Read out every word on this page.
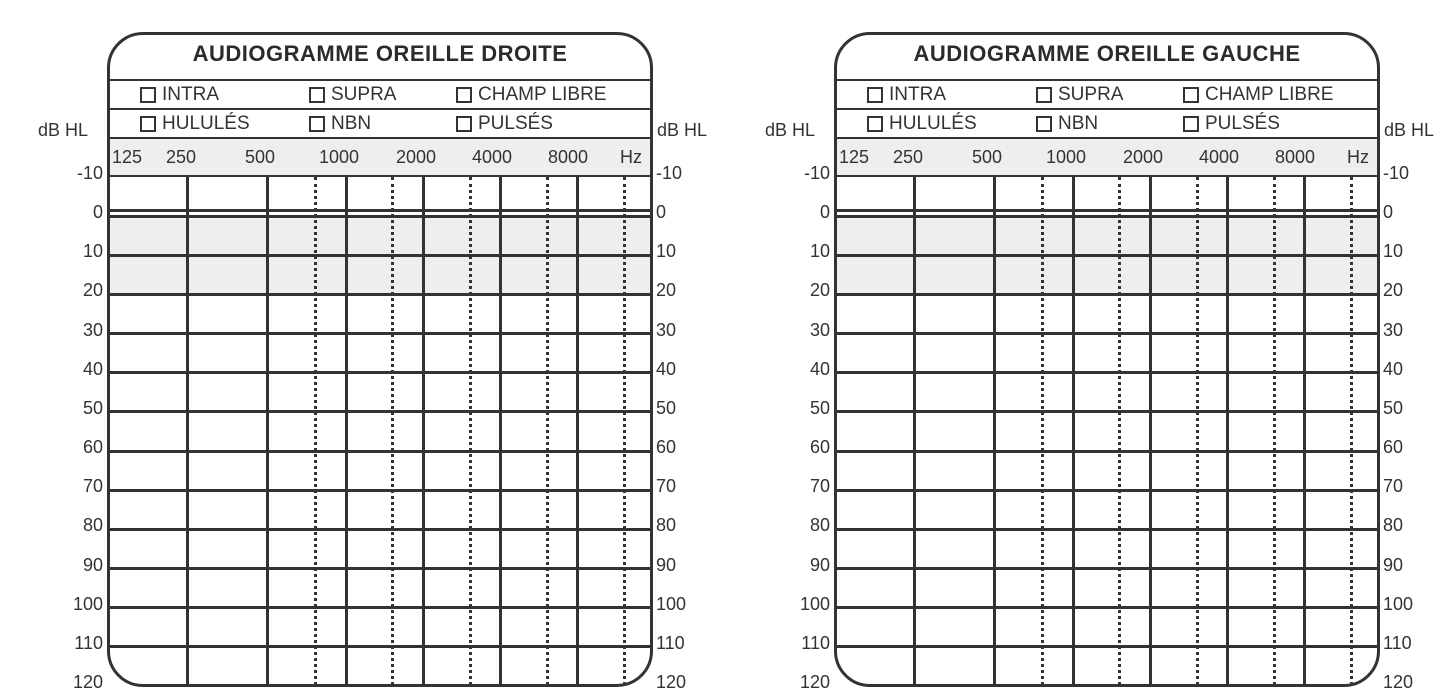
dB HL	dB HL
AUDIOGRAMME OREILLE DROITE
INTRA	SUPRA	CHAMP LIBRE
HULULÉS	NBN	PULSÉS
125 250	500 1000 2000 4000 8000 Hz
-10	-10
0	0
10	10
20	20
30	30
40	40
50	50
60	60
70	70
80	80
90	90
100	100
110	110
120	120
dB HL	dB HL
AUDIOGRAMME OREILLE GAUCHE
INTRA	SUPRA	CHAMP LIBRE
HULULÉS	NBN	PULSÉS
125 250	500 1000 2000 4000 8000 Hz
-10	-10
0	0
10	10
20	20
30	30
40	40
50	50
60	60
70	70
80	80
90	90
100	100
110	110
120	120
